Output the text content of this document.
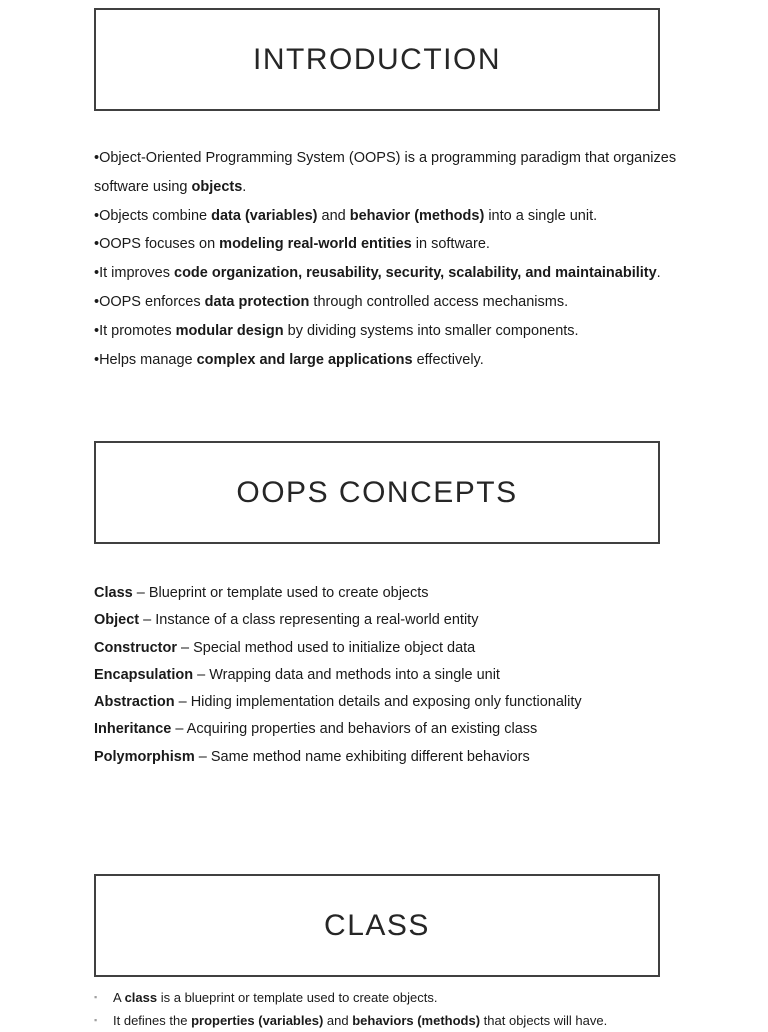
INTRODUCTION

•Object-Oriented Programming System (OOPS) is a programming paradigm that organizes software using objects.

•Objects combine data (variables) and behavior (methods) into a single unit.

•OOPS focuses on modeling real-world entities in software.

•It improves code organization, reusability, security, scalability, and maintainability.

•OOPS enforces data protection through controlled access mechanisms.

•It promotes modular design by dividing systems into smaller components.

•Helps manage complex and large applications effectively.

OOPS CONCEPTS

Class – Blueprint or template used to create objects

Object – Instance of a class representing a real-world entity

Constructor – Special method used to initialize object data

Encapsulation – Wrapping data and methods into a single unit

Abstraction – Hiding implementation details and exposing only functionality

Inheritance – Acquiring properties and behaviors of an existing class

Polymorphism – Same method name exhibiting different behaviors

CLASS
▪ A class is a blueprint or template used to create objects.
▪ It defines the properties (variables) and behaviors (methods) that objects will have.
